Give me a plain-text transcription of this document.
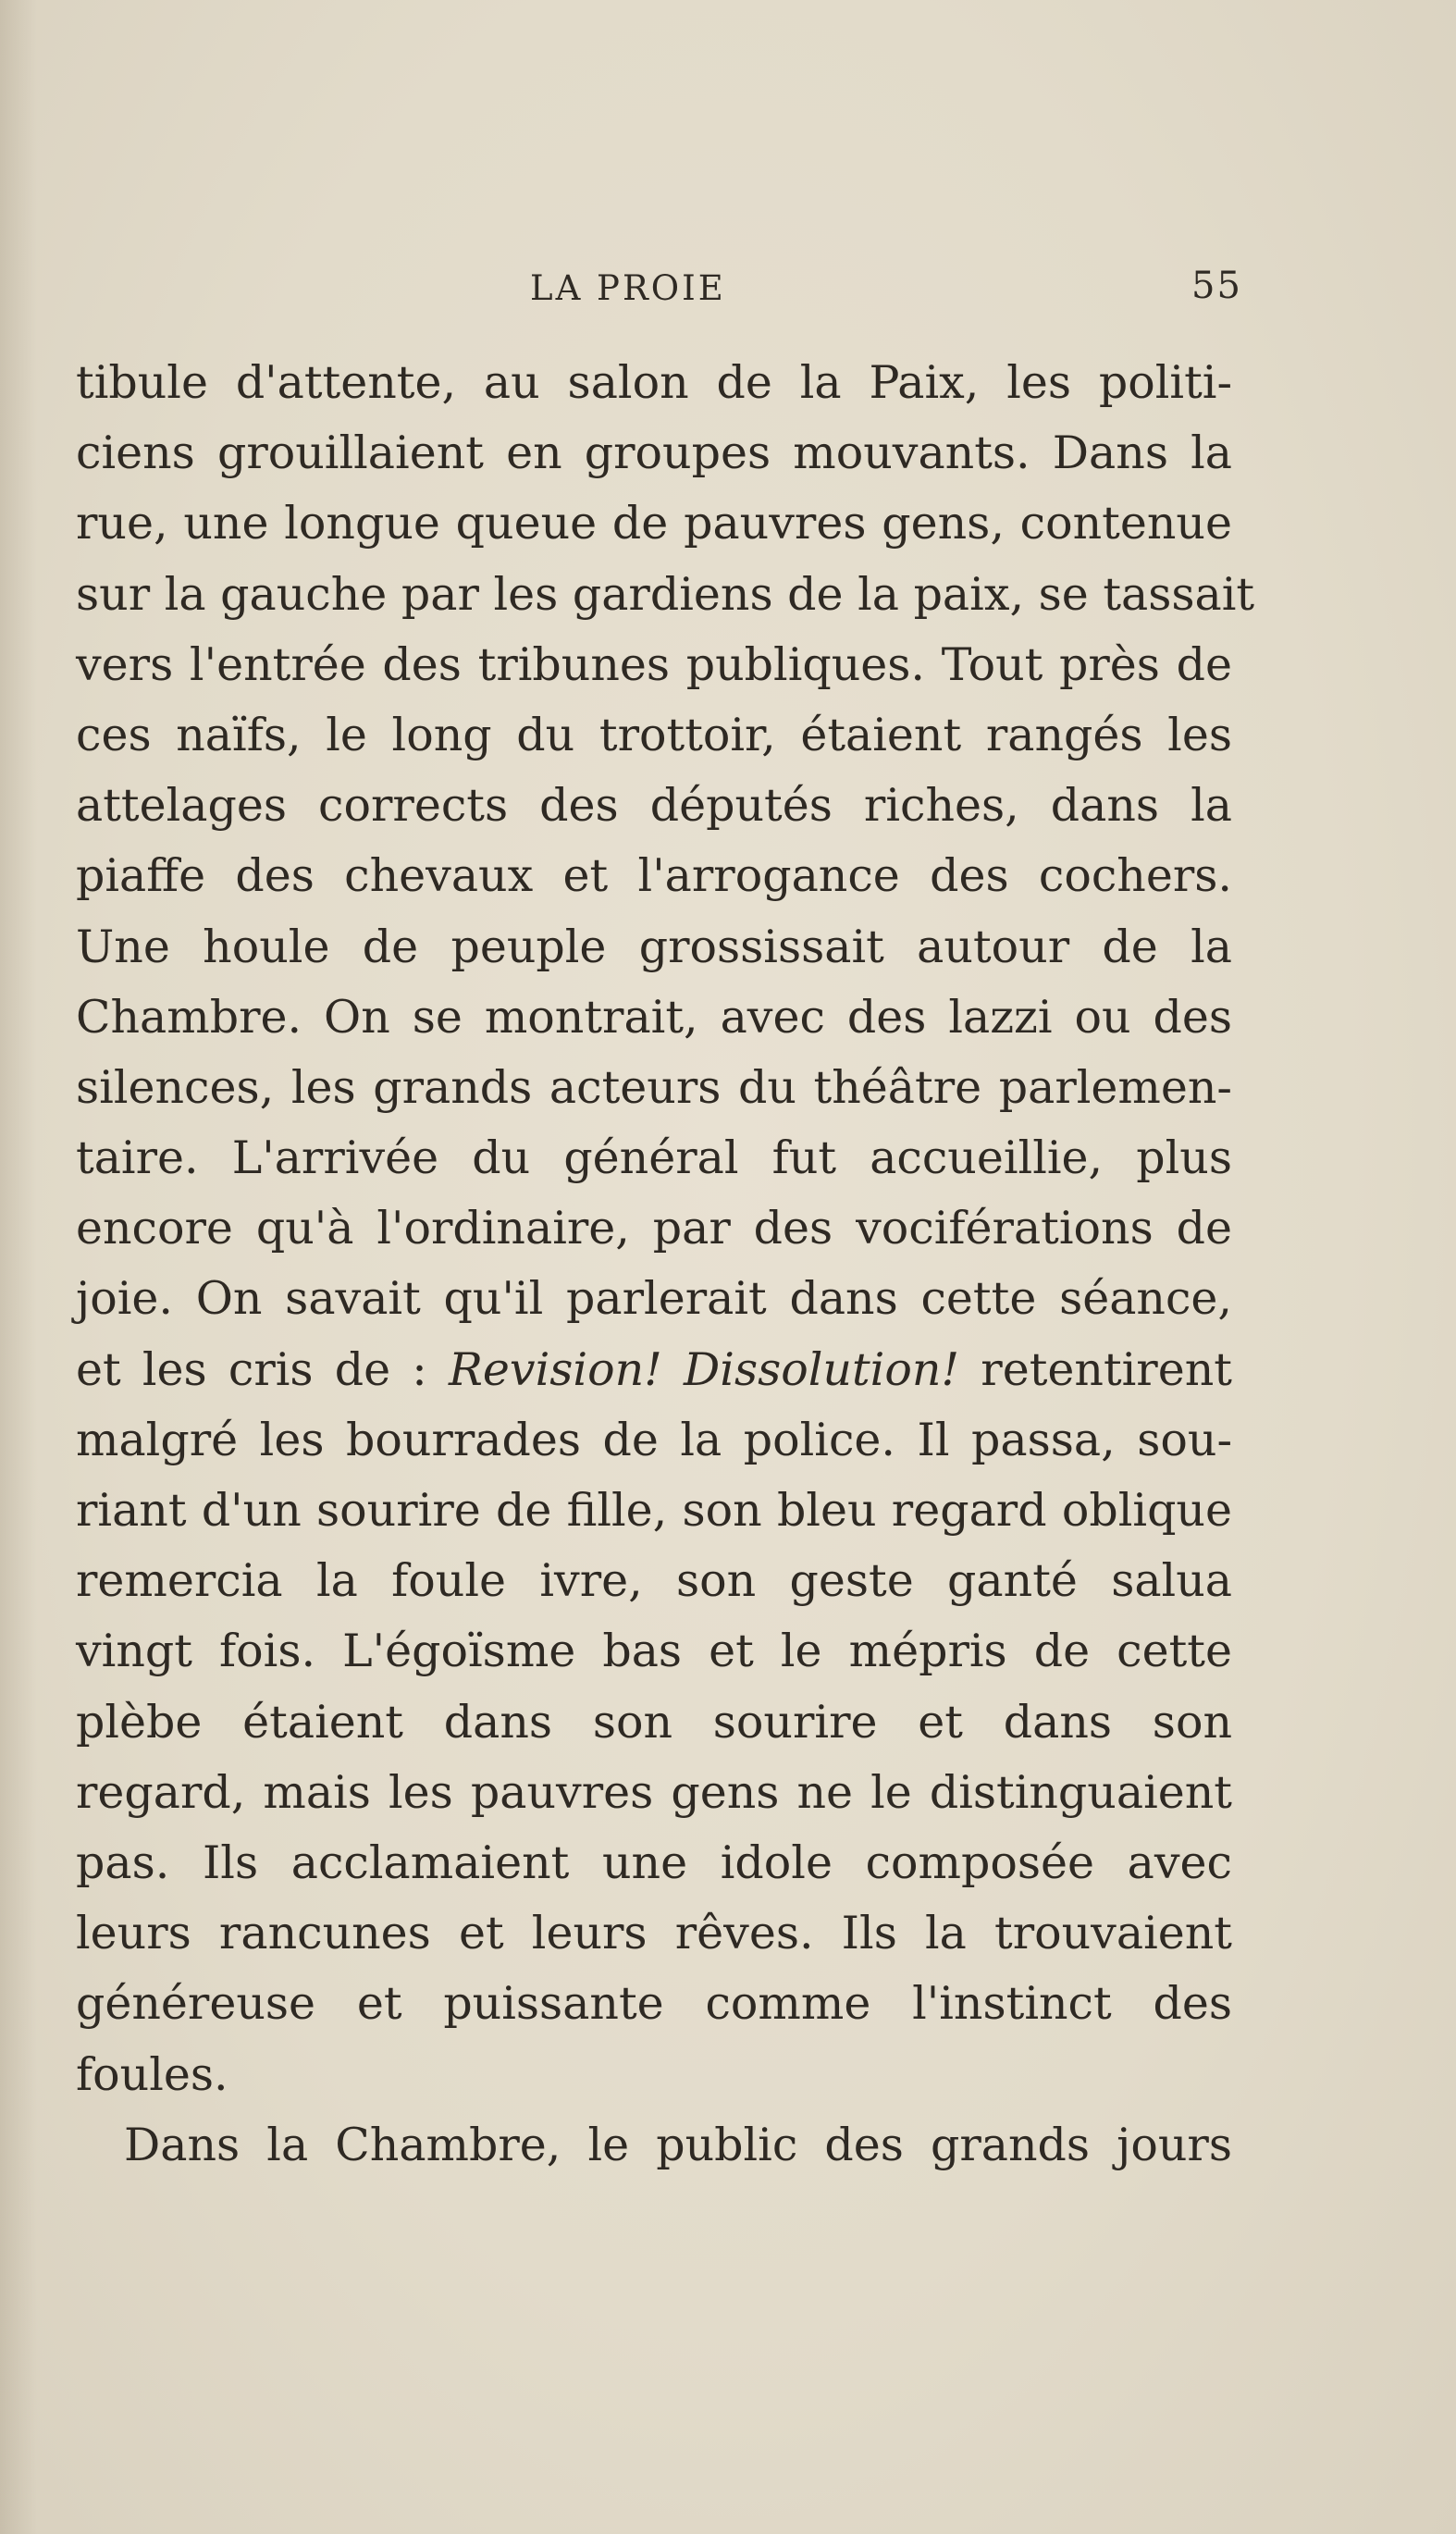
LA PROIE	55
tibule d'attente, au salon de la Paix, les politi-
ciens grouillaient en groupes mouvants. Dans la
rue, une longue queue de pauvres gens, contenue
sur la gauche par les gardiens de la paix, se tassait
vers l'entrée des tribunes publiques. Tout près de
ces naïfs, le long du trottoir, étaient rangés les
attelages corrects des députés riches, dans la
piaffe des chevaux et l'arrogance des cochers.
Une houle de peuple grossissait autour de la
Chambre. On se montrait, avec des lazzi ou des
silences, les grands acteurs du théâtre parlemen-
taire. L'arrivée du général fut accueillie, plus
encore qu'à l'ordinaire, par des vociférations de
joie. On savait qu'il parlerait dans cette séance,
et les cris de : Revision! Dissolution! retentirent
malgré les bourrades de la police. Il passa, sou-
riant d'un sourire de fille, son bleu regard oblique
remercia la foule ivre, son geste ganté salua
vingt fois. L'égoïsme bas et le mépris de cette
plèbe étaient dans son sourire et dans son
regard, mais les pauvres gens ne le distinguaient
pas. Ils acclamaient une idole composée avec
leurs rancunes et leurs rêves. Ils la trouvaient
généreuse et puissante comme l'instinct des
foules.
Dans la Chambre, le public des grands jours
